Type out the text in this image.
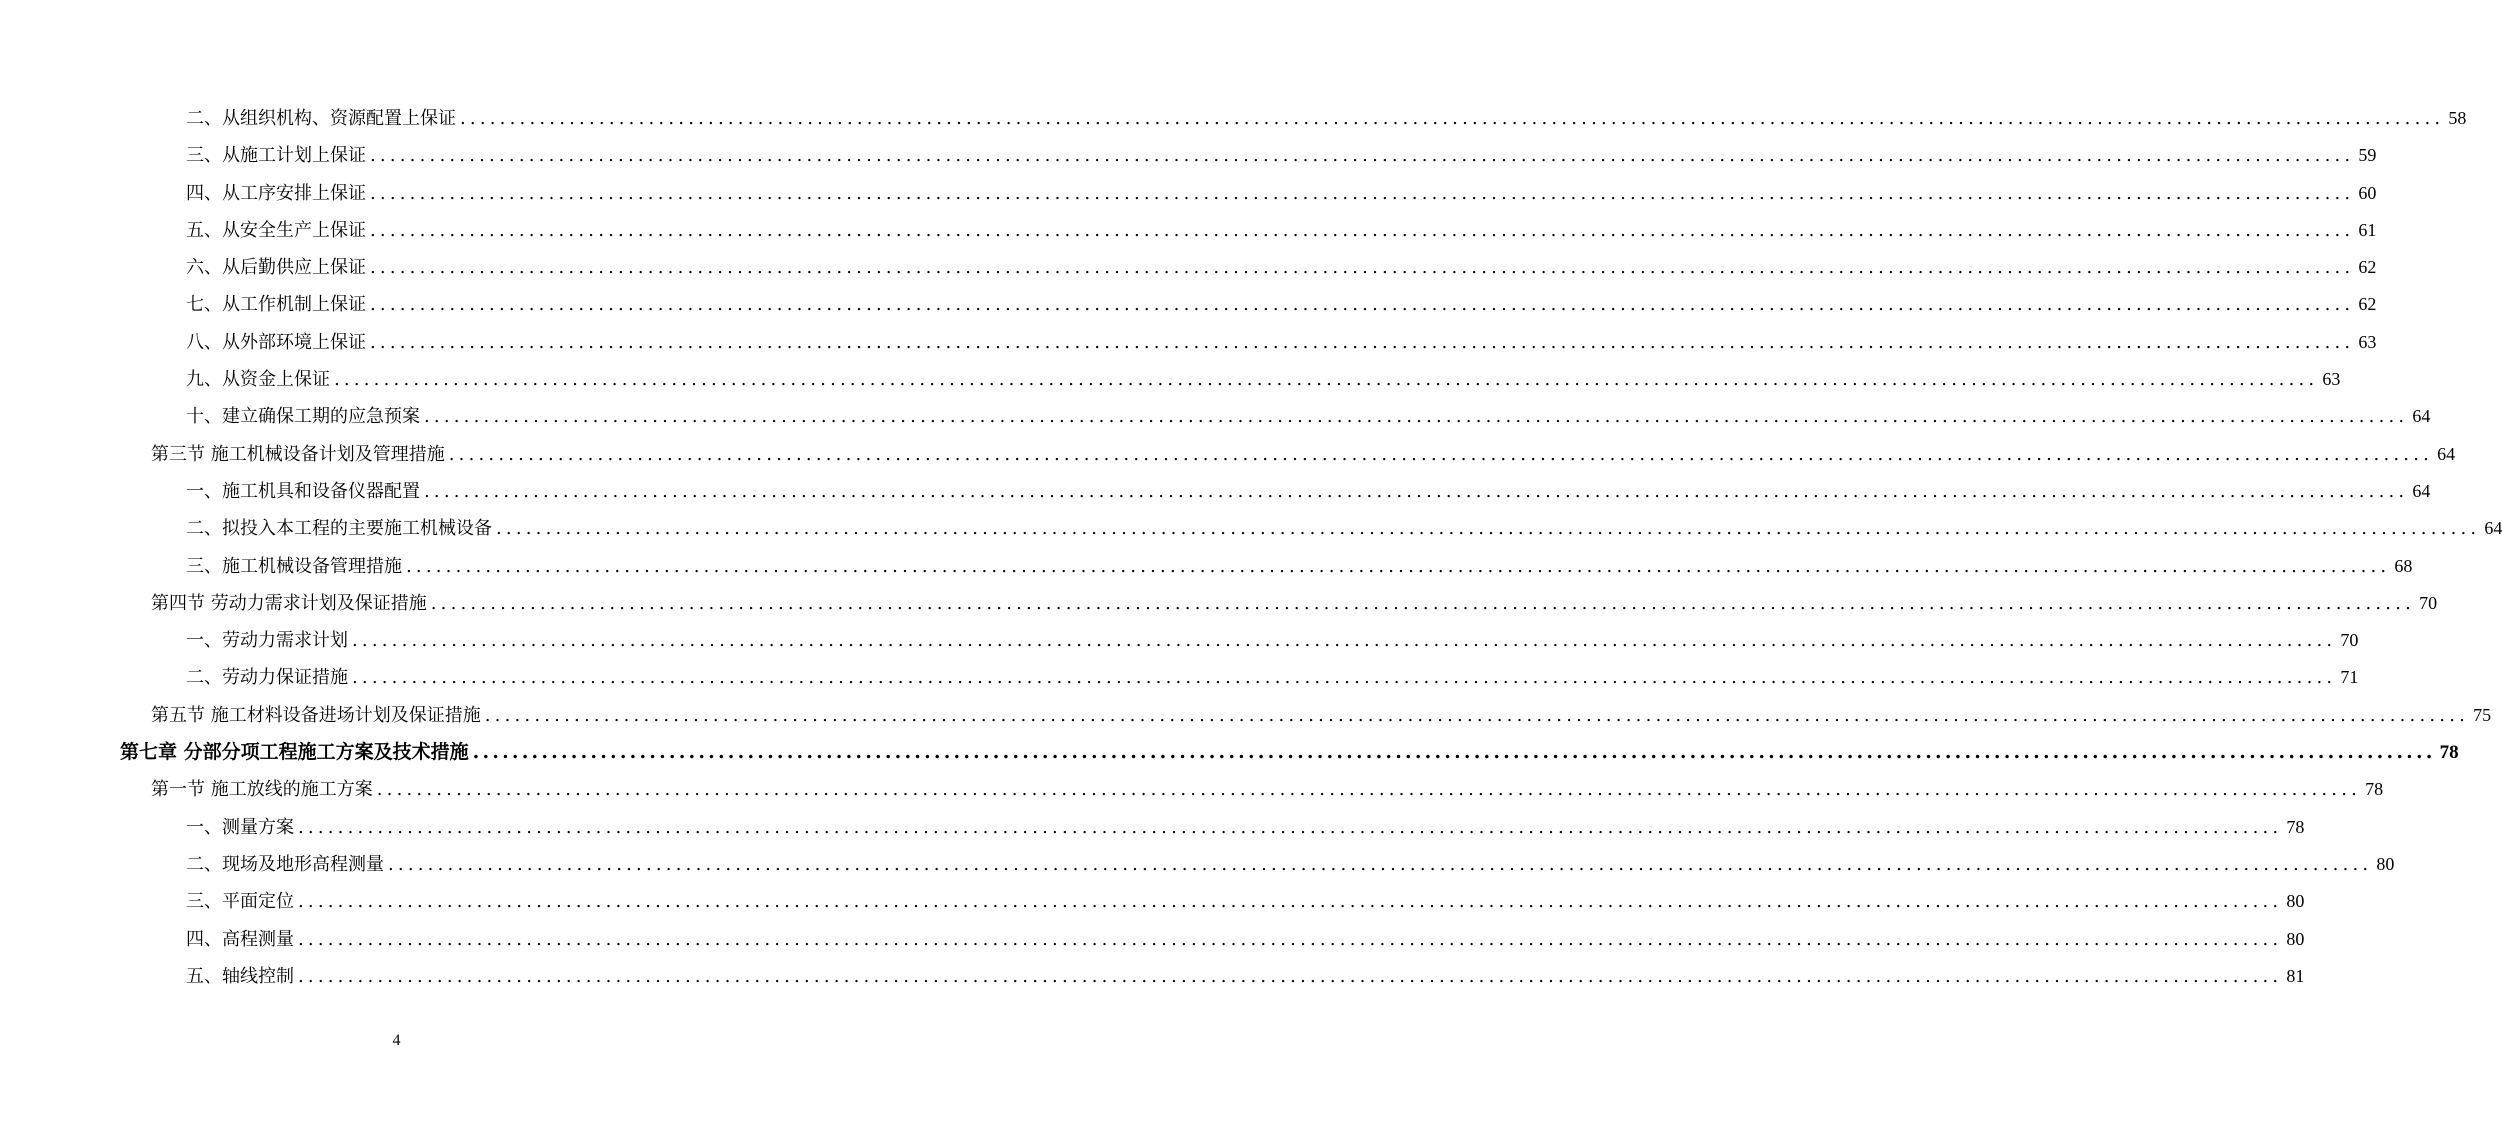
二、从组织机构、资源配置上保证 ........................................................................................................................................................................................................ 58
三、从施工计划上保证 ........................................................................................................................................................................................................ 59
四、从工序安排上保证 ........................................................................................................................................................................................................ 60
五、从安全生产上保证 ........................................................................................................................................................................................................ 61
六、从后勤供应上保证 ........................................................................................................................................................................................................ 62
七、从工作机制上保证 ........................................................................................................................................................................................................ 62
八、从外部环境上保证 ........................................................................................................................................................................................................ 63
九、从资金上保证 ........................................................................................................................................................................................................ 63
十、建立确保工期的应急预案 ........................................................................................................................................................................................................ 64
第三节 施工机械设备计划及管理措施 ........................................................................................................................................................................................................ 64
一、施工机具和设备仪器配置 ........................................................................................................................................................................................................ 64
二、拟投入本工程的主要施工机械设备 ........................................................................................................................................................................................................ 64
三、施工机械设备管理措施 ........................................................................................................................................................................................................ 68
第四节 劳动力需求计划及保证措施 ........................................................................................................................................................................................................ 70
一、劳动力需求计划 ........................................................................................................................................................................................................ 70
二、劳动力保证措施 ........................................................................................................................................................................................................ 71
第五节 施工材料设备进场计划及保证措施 ........................................................................................................................................................................................................ 75
第七章 分部分项工程施工方案及技术措施 ........................................................................................................................................................................................................ 78
第一节 施工放线的施工方案 ........................................................................................................................................................................................................ 78
一、测量方案 ........................................................................................................................................................................................................ 78
二、现场及地形高程测量 ........................................................................................................................................................................................................ 80
三、平面定位 ........................................................................................................................................................................................................ 80
四、高程测量 ........................................................................................................................................................................................................ 80
五、轴线控制 ........................................................................................................................................................................................................ 81
4
